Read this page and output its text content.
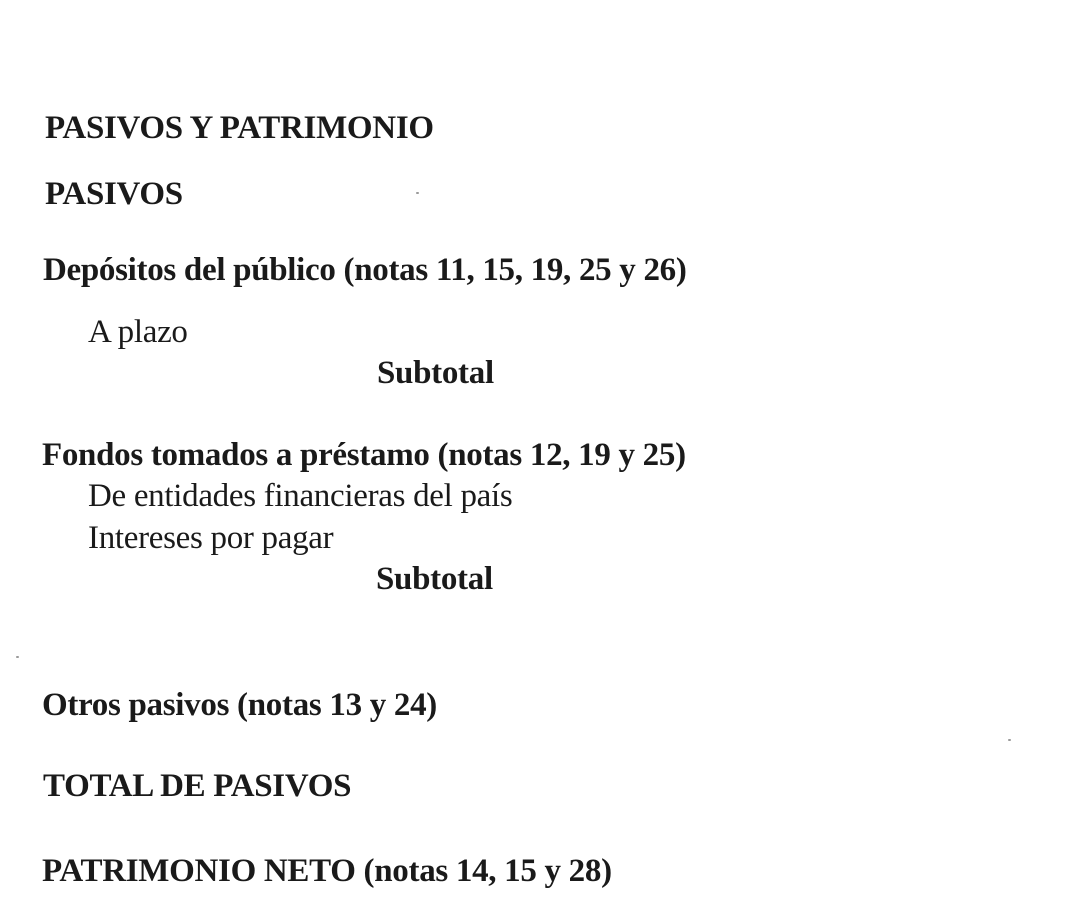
PASIVOS Y PATRIMONIO
PASIVOS
Depósitos del público (notas 11, 15, 19, 25 y 26)
A plazo
Subtotal
Fondos tomados a préstamo (notas 12, 19 y 25)
De entidades financieras del país
Intereses por pagar
Subtotal
Otros pasivos (notas 13 y 24)
TOTAL DE PASIVOS
PATRIMONIO NETO (notas 14, 15 y 28)
